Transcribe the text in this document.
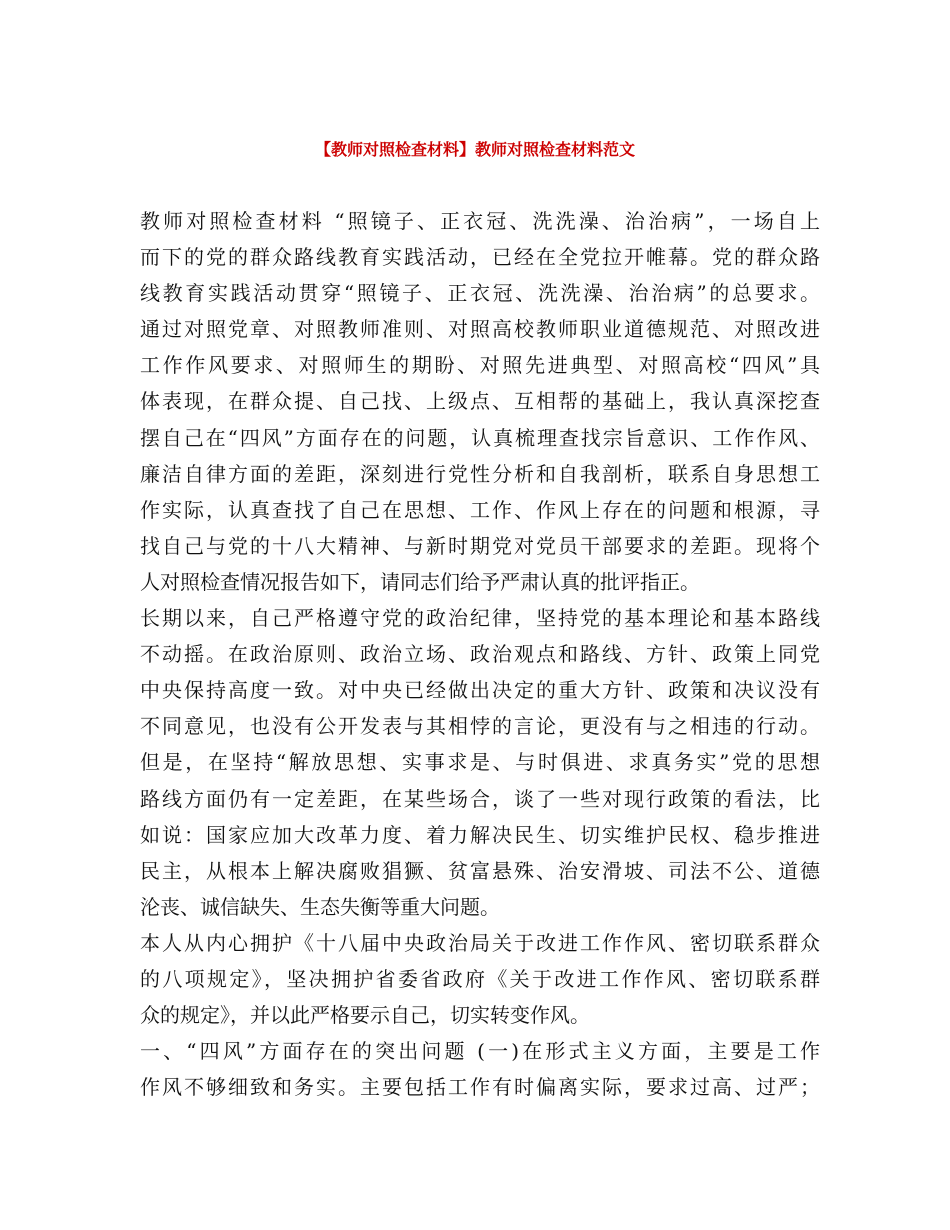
【教师对照检查材料】教师对照检查材料范文
教师对照检查材料 “照镜子、正衣冠、洗洗澡、治治病”，一场自上
而下的党的群众路线教育实践活动，已经在全党拉开帷幕。党的群众路
线教育实践活动贯穿“照镜子、正衣冠、洗洗澡、治治病”的总要求。
通过对照党章、对照教师准则、对照高校教师职业道德规范、对照改进
工作作风要求、对照师生的期盼、对照先进典型、对照高校“四风”具
体表现，在群众提、自己找、上级点、互相帮的基础上，我认真深挖查
摆自己在“四风”方面存在的问题，认真梳理查找宗旨意识、工作作风、
廉洁自律方面的差距，深刻进行党性分析和自我剖析，联系自身思想工
作实际，认真查找了自己在思想、工作、作风上存在的问题和根源，寻
找自己与党的十八大精神、与新时期党对党员干部要求的差距。现将个
人对照检查情况报告如下，请同志们给予严肃认真的批评指正。
长期以来，自己严格遵守党的政治纪律，坚持党的基本理论和基本路线
不动摇。在政治原则、政治立场、政治观点和路线、方针、政策上同党
中央保持高度一致。对中央已经做出决定的重大方针、政策和决议没有
不同意见，也没有公开发表与其相悖的言论，更没有与之相违的行动。
但是，在坚持“解放思想、实事求是、与时俱进、求真务实”党的思想
路线方面仍有一定差距，在某些场合，谈了一些对现行政策的看法，比
如说：国家应加大改革力度、着力解决民生、切实维护民权、稳步推进
民主，从根本上解决腐败猖獗、贫富悬殊、治安滑坡、司法不公、道德
沦丧、诚信缺失、生态失衡等重大问题。
本人从内心拥护《十八届中央政治局关于改进工作作风、密切联系群众
的八项规定》，坚决拥护省委省政府《关于改进工作作风、密切联系群
众的规定》，并以此严格要示自己，切实转变作风。
一、“四风”方面存在的突出问题 (一)在形式主义方面，主要是工作
作风不够细致和务实。主要包括工作有时偏离实际，要求过高、过严；
